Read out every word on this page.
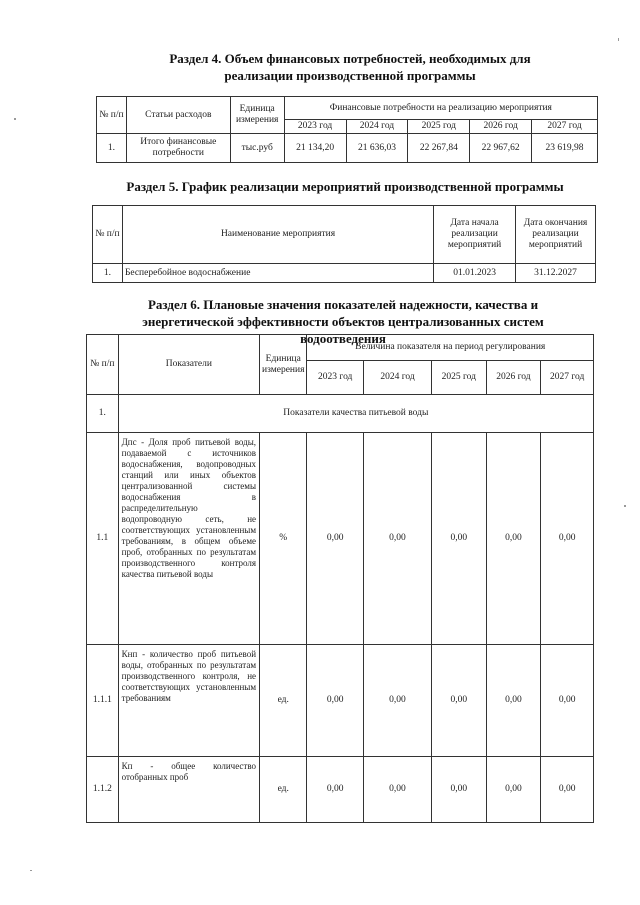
Раздел 4. Объем финансовых потребностей, необходимых для реализации производственной программы
№ п/п	Статьи расходов	Единица измерения	Финансовые потребности на реализацию мероприятия				
			2023 год	2024 год	2025 год	2026 год	2027 год
1.	Итого финансовые потребности	тыс.руб	21 134,20	21 636,03	22 267,84	22 967,62	23 619,98
Раздел 5. График реализации мероприятий производственной программы
№ п/п	Наименование мероприятия	Дата начала реализации мероприятий	Дата окончания реализации мероприятий
1.	Бесперебойное водоснабжение	01.01.2023	31.12.2027
Раздел 6. Плановые значения показателей надежности, качества и энергетической эффективности объектов централизованных систем водоотведения
№ п/п	Показатели	Единица измерения	Величина показателя на период регулирования				
			2023 год	2024 год	2025 год	2026 год	2027 год
1.	Показатели качества питьевой воды						
1.1	Дпс - Доля проб питьевой воды, подаваемой с источников водоснабжения, водопроводных станций или иных объектов централизованной системы водоснабжения в распределительную водопроводную сеть, не соответствующих установленным требованиям, в общем объеме проб, отобранных по результатам производственного контроля качества питьевой воды	%	0,00	0,00	0,00	0,00	0,00
1.1.1	Кнп - количество проб питьевой воды, отобранных по результатам производственного контроля, не соответствующих установленным требованиям	ед.	0,00	0,00	0,00	0,00	0,00
1.1.2	Кп - общее количество отобранных проб	ед.	0,00	0,00	0,00	0,00	0,00
